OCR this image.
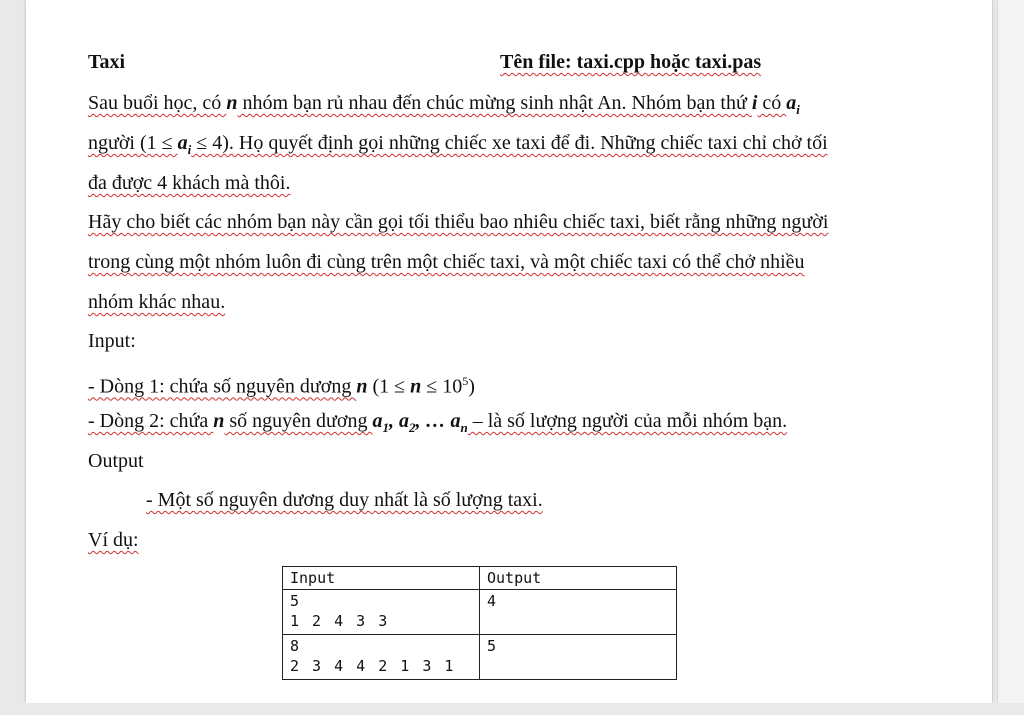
Taxi	Tên file: taxi.cpp hoặc taxi.pas
Sau buổi học, có n nhóm bạn rủ nhau đến chúc mừng sinh nhật An. Nhóm bạn thứ i có $a_i$
người $(1 \le a_i \le 4)$. Họ quyết định gọi những chiếc xe taxi để đi. Những chiếc taxi chỉ chở tối
đa được 4 khách mà thôi.
Hãy cho biết các nhóm bạn này cần gọi tối thiểu bao nhiêu chiếc taxi, biết rằng những người
trong cùng một nhóm luôn đi cùng trên một chiếc taxi, và một chiếc taxi có thể chở nhiều
nhóm khác nhau.
Input:
- Dòng 1: chứa số nguyên dương n $(1 \le n \le 10^5)$
- Dòng 2: chứa n số nguyên dương $a_1$, $a_2$, … $a_n$ – là số lượng người của mỗi nhóm bạn.
Output
- Một số nguyên dương duy nhất là số lượng taxi.
Ví dụ:
Input	Output

5
1 2 4 3 3	4

8
2 3 4 4 2 1 3 1	5
